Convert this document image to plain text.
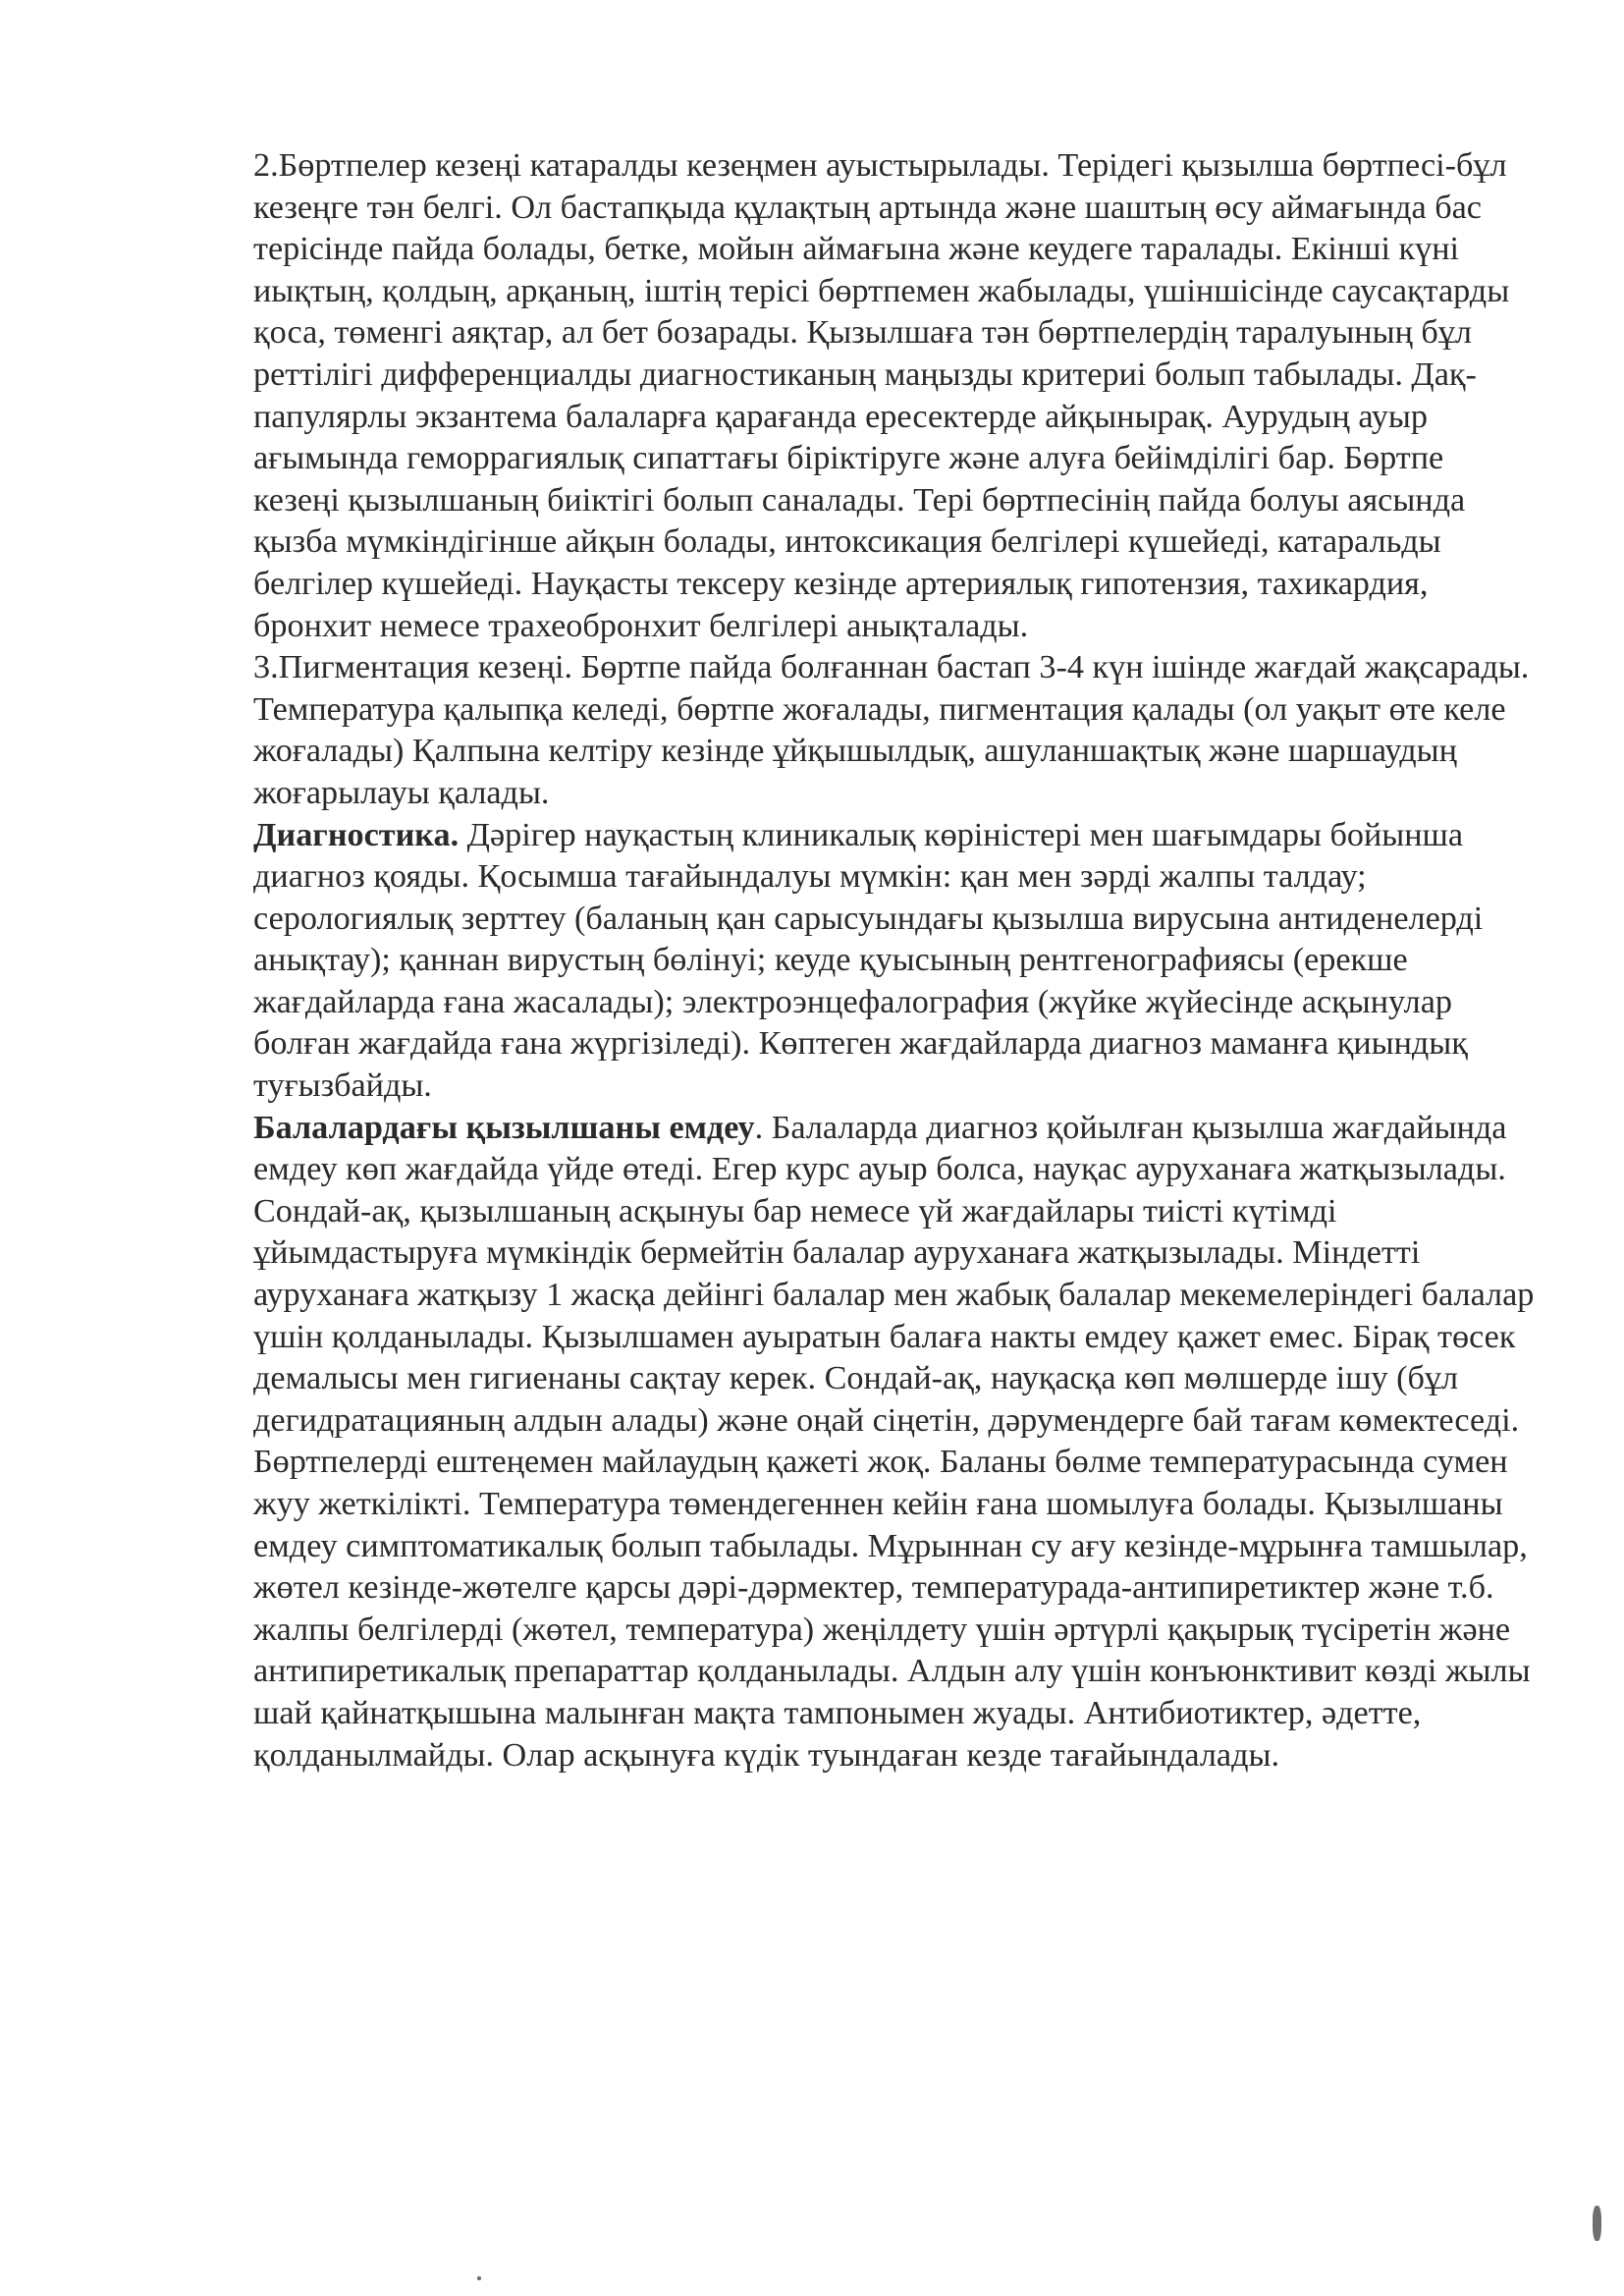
2.Бөртпелер кезеңі катаралды кезеңмен ауыстырылады. Терідегі қызылша бөртпесі-бұл кезеңге тән белгі. Ол бастапқыда құлақтың артында және шаштың өсу аймағында бас терісінде пайда болады, бетке, мойын аймағына және кеудеге таралады. Екінші күні иықтың, қолдың, арқаның, іштің терісі бөртпемен жабылады, үшіншісінде саусақтарды қоса, төменгі аяқтар, ал бет бозарады. Қызылшаға тән бөртпелердің таралуының бұл реттілігі дифференциалды диагностиканың маңызды критериі болып табылады. Дақ-папулярлы экзантема балаларға қарағанда ересектерде айқынырақ. Аурудың ауыр ағымында геморрагиялық сипаттағы біріктіруге және алуға бейімділігі бар. Бөртпе кезеңі қызылшаның биіктігі болып саналады. Тері бөртпесінің пайда болуы аясында қызба мүмкіндігінше айқын болады, интоксикация белгілері күшейеді, катаральды белгілер күшейеді. Науқасты тексеру кезінде артериялық гипотензия, тахикардия, бронхит немесе трахеобронхит белгілері анықталады.

3.Пигментация кезеңі. Бөртпе пайда болғаннан бастап 3-4 күн ішінде жағдай жақсарады. Температура қалыпқа келеді, бөртпе жоғалады, пигментация қалады (ол уақыт өте келе жоғалады) Қалпына келтіру кезінде ұйқышылдық, ашуланшақтық және шаршаудың жоғарылауы қалады.

Диагностика. Дәрігер науқастың клиникалық көріністері мен шағымдары бойынша диагноз қояды. Қосымша тағайындалуы мүмкін: қан мен зәрді жалпы талдау; серологиялық зерттеу (баланың қан сарысуындағы қызылша вирусына антиденелерді анықтау); қаннан вирустың бөлінуі; кеуде қуысының рентгенографиясы (ерекше жағдайларда ғана жасалады); электроэнцефалография (жүйке жүйесінде асқынулар болған жағдайда ғана жүргізіледі). Көптеген жағдайларда диагноз маманға қиындық туғызбайды.

Балалардағы қызылшаны емдеу. Балаларда диагноз қойылған қызылша жағдайында емдеу көп жағдайда үйде өтеді. Егер курс ауыр болса, науқас ауруханаға жатқызылады. Сондай-ақ, қызылшаның асқынуы бар немесе үй жағдайлары тиісті күтімді ұйымдастыруға мүмкіндік бермейтін балалар ауруханаға жатқызылады. Міндетті ауруханаға жатқызу 1 жасқа дейінгі балалар мен жабық балалар мекемелеріндегі балалар үшін қолданылады. Қызылшамен ауыратын балаға накты емдеу қажет емес. Бірақ төсек демалысы мен гигиенаны сақтау керек. Сондай-ақ, науқасқа көп мөлшерде ішу (бұл дегидратацияның алдын алады) және оңай сіңетін, дәрумендерге бай тағам көмектеседі. Бөртпелерді ештеңемен майлаудың қажеті жоқ. Баланы бөлме температурасында сумен жуу жеткілікті. Температура төмендегеннен кейін ғана шомылуға болады. Қызылшаны емдеу симптоматикалық болып табылады. Мұрыннан су ағу кезінде-мұрынға тамшылар, жөтел кезінде-жөтелге қарсы дәрі-дәрмектер, температурада-антипиретиктер және т.б. жалпы белгілерді (жөтел, температура) жеңілдету үшін әртүрлі қақырық түсіретін және антипиретикалық препараттар қолданылады. Алдын алу үшін конъюнктивит көзді жылы шай қайнатқышына малынған мақта тампонымен жуады. Антибиотиктер, әдетте, қолданылмайды. Олар асқынуға күдік туындаған кезде тағайындалады.
